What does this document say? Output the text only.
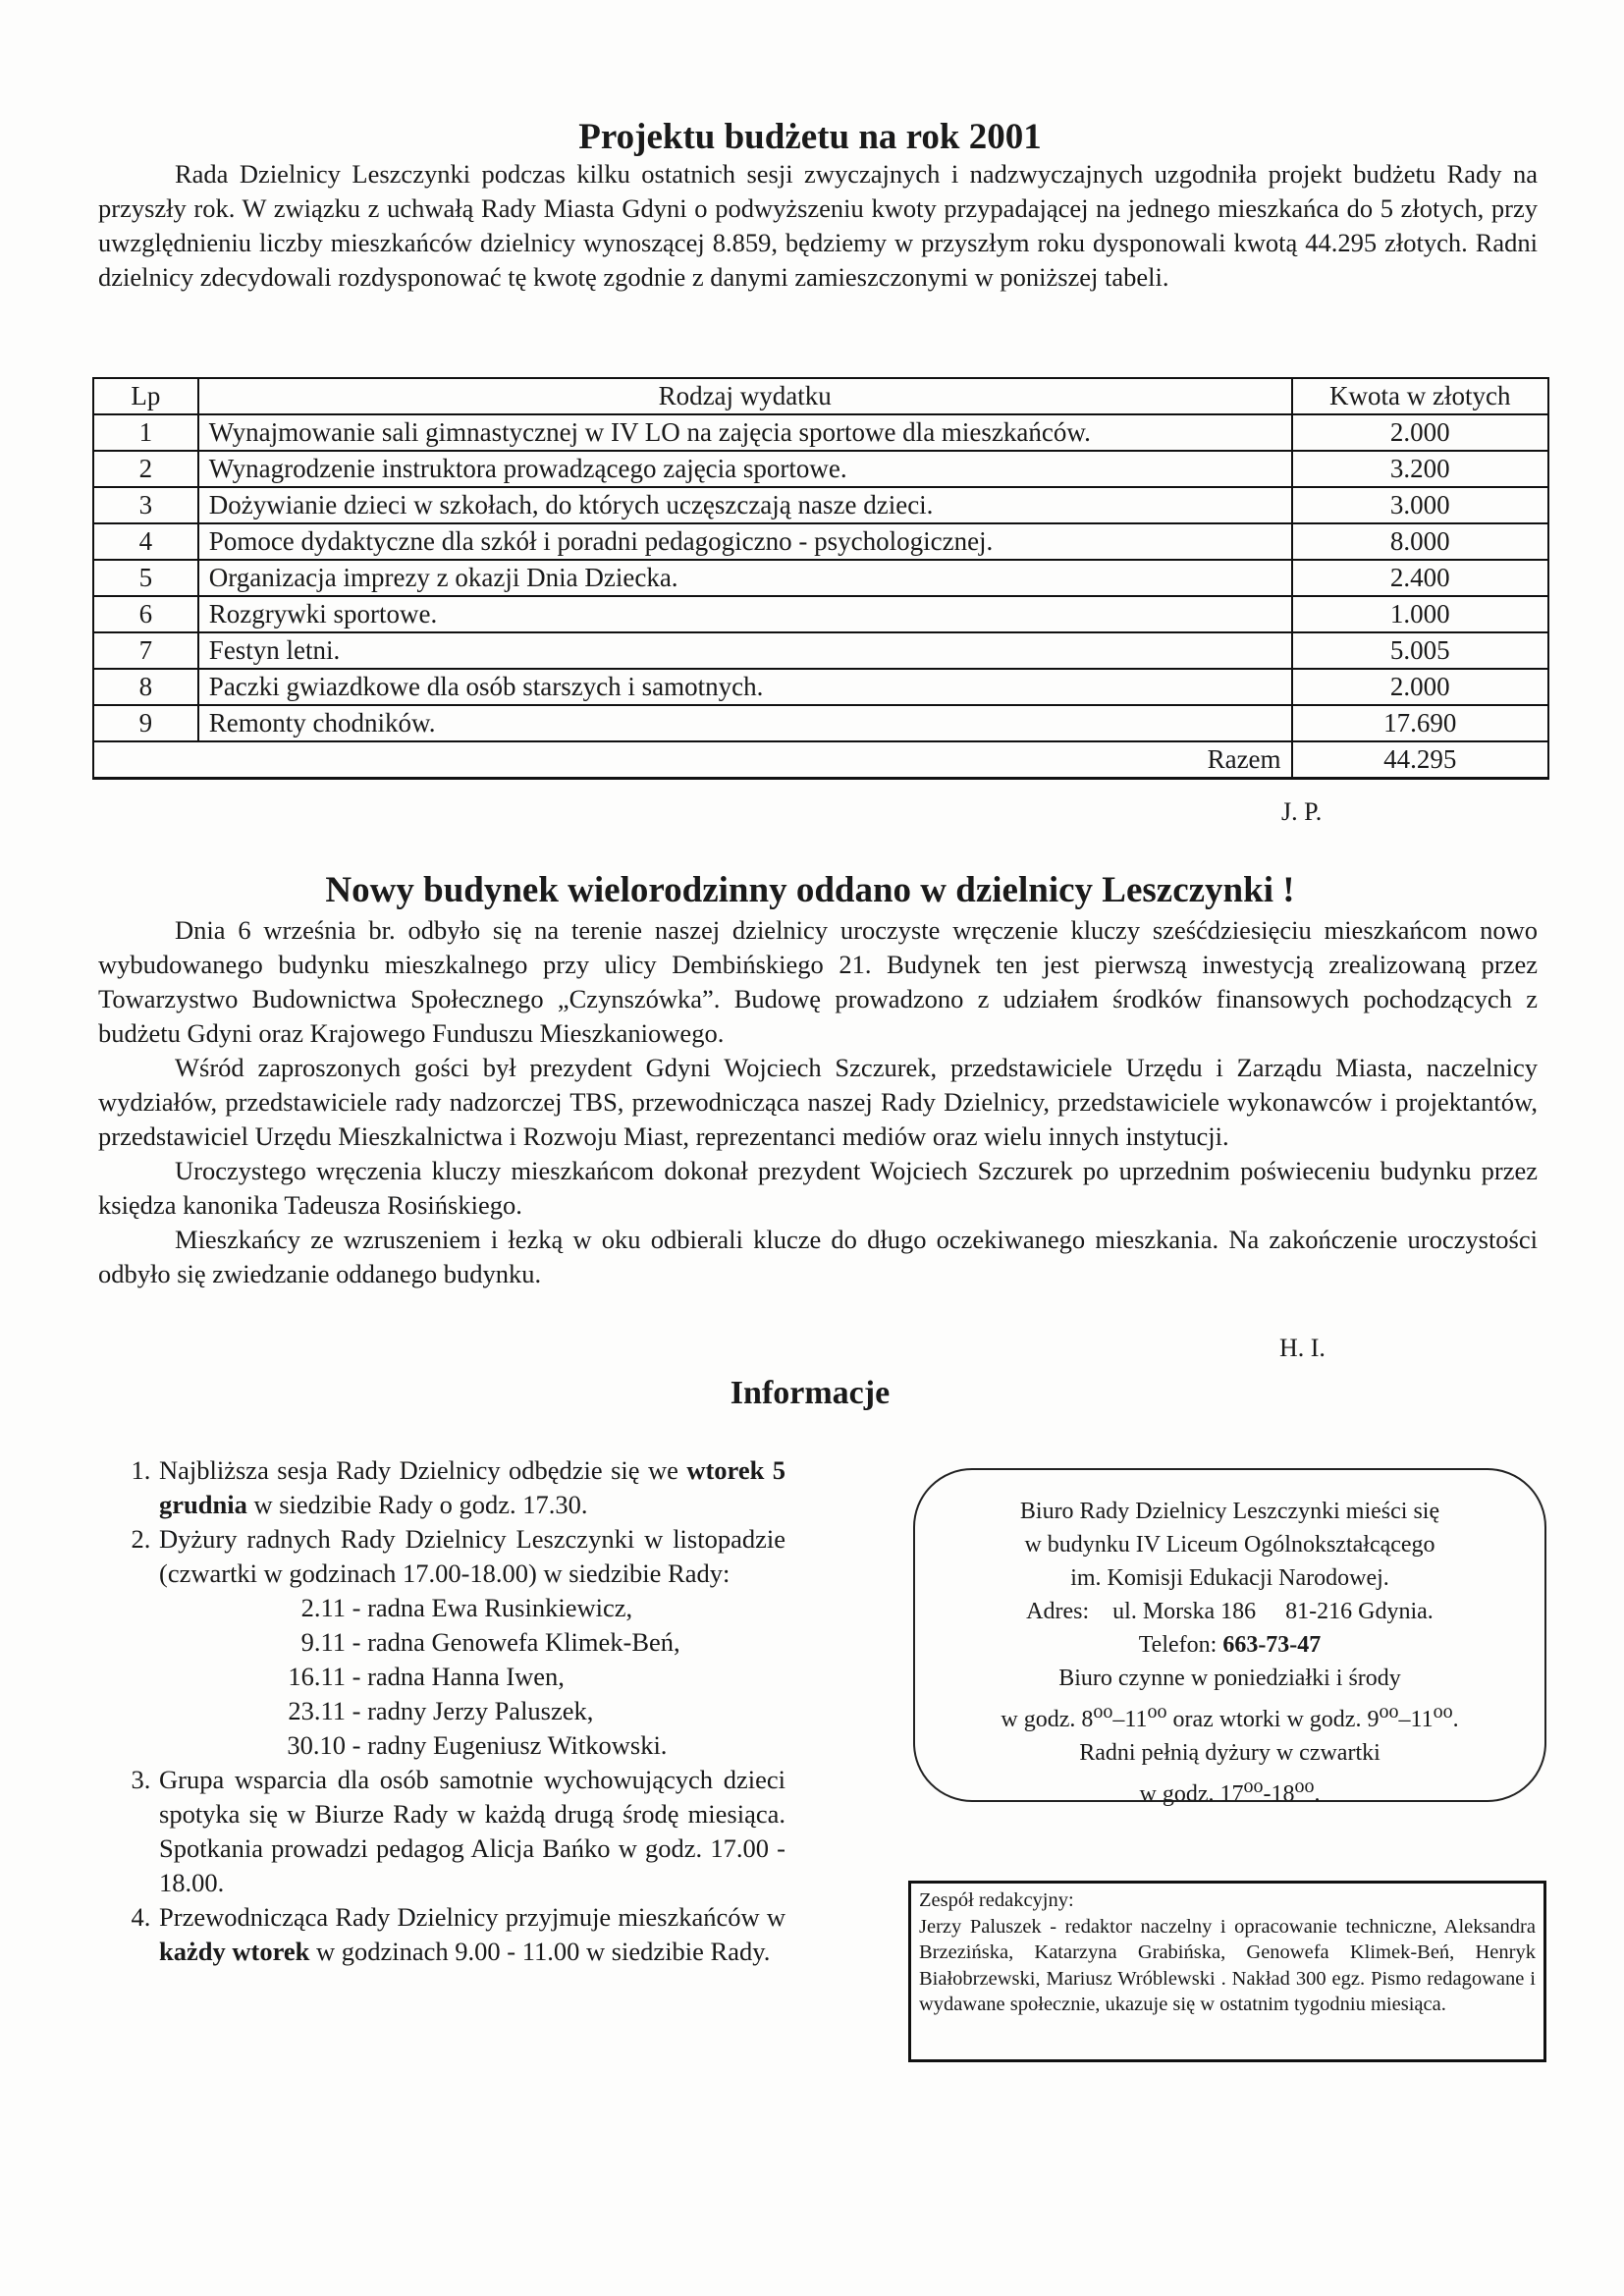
Projektu budżetu na rok 2001

Rada Dzielnicy Leszczynki podczas kilku ostatnich sesji zwyczajnych i nadzwyczajnych uzgodniła projekt budżetu Rady na przyszły rok. W związku z uchwałą Rady Miasta Gdyni o podwyższeniu kwoty przypadającej na jednego mieszkańca do 5 złotych, przy uwzględnieniu liczby mieszkańców dzielnicy wynoszącej 8.859, będziemy w przyszłym roku dysponowali kwotą 44.295 złotych. Radni dzielnicy zdecydowali rozdysponować tę kwotę zgodnie z danymi zamieszczonymi w poniższej tabeli.

Lp	Rodzaj wydatku	Kwota w złotych
1	Wynajmowanie sali gimnastycznej w IV LO na zajęcia sportowe dla mieszkańców.	2.000
2	Wynagrodzenie instruktora prowadzącego zajęcia sportowe.	3.200
3	Dożywianie dzieci w szkołach, do których uczęszczają nasze dzieci.	3.000
4	Pomoce dydaktyczne dla szkół i poradni pedagogiczno - psychologicznej.	8.000
5	Organizacja imprezy z okazji Dnia Dziecka.	2.400
6	Rozgrywki sportowe.	1.000
7	Festyn letni.	5.005
8	Paczki gwiazdkowe dla osób starszych i samotnych.	2.000
9	Remonty chodników.	17.690
Razem		44.295
J. P.
Nowy budynek wielorodzinny oddano w dzielnicy Leszczynki !

Dnia 6 września br. odbyło się na terenie naszej dzielnicy uroczyste wręczenie kluczy sześćdziesięciu mieszkańcom nowo wybudowanego budynku mieszkalnego przy ulicy Dembińskiego 21. Budynek ten jest pierwszą inwestycją zrealizowaną przez Towarzystwo Budownictwa Społecznego „Czynszówka”. Budowę prowadzono z udziałem środków finansowych pochodzących z budżetu Gdyni oraz Krajowego Funduszu Mieszkaniowego.

Wśród zaproszonych gości był prezydent Gdyni Wojciech Szczurek, przedstawiciele Urzędu i Zarządu Miasta, naczelnicy wydziałów, przedstawiciele rady nadzorczej TBS, przewodnicząca naszej Rady Dzielnicy, przedstawiciele wykonawców i projektantów, przedstawiciel Urzędu Mieszkalnictwa i Rozwoju Miast, reprezentanci mediów oraz wielu innych instytucji.

Uroczystego wręczenia kluczy mieszkańcom dokonał prezydent Wojciech Szczurek po uprzednim poświeceniu budynku przez księdza kanonika Tadeusza Rosińskiego.

Mieszkańcy ze wzruszeniem i łezką w oku odbierali klucze do długo oczekiwanego mieszkania. Na zakończenie uroczystości odbyło się zwiedzanie oddanego budynku.

H. I.
Informacje
1. Najbliższa sesja Rady Dzielnicy odbędzie się we wtorek 5 grudnia w siedzibie Rady o godz. 17.30.
2. Dyżury radnych Rady Dzielnicy Leszczynki w listopadzie (czwartki w godzinach 17.00-18.00) w siedzibie Rady:
2.11 - radna Ewa Rusinkiewicz,
9.11 - radna Genowefa Klimek-Beń,
16.11 - radna Hanna Iwen,
23.11 - radny Jerzy Paluszek,
30.10 - radny Eugeniusz Witkowski.
3. Grupa wsparcia dla osób samotnie wychowujących dzieci spotyka się w Biurze Rady w każdą drugą środę miesiąca. Spotkania prowadzi pedagog Alicja Bańko w godz. 17.00 - 18.00.
4. Przewodnicząca Rady Dzielnicy przyjmuje mieszkańców w każdy wtorek w godzinach 9.00 - 11.00 w siedzibie Rady.
Biuro Rady Dzielnicy Leszczynki mieści się
w budynku IV Liceum Ogólnokształcącego
im. Komisji Edukacji Narodowej.
Adres: ul. Morska 186 81-216 Gdynia.
Telefon: 663-73-47
Biuro czynne w poniedziałki i środy
w godz. $8^{oo}-11^{oo}$ oraz wtorki w godz. $9^{oo}-11^{oo}$.
Radni pełnią dyżury w czwartki
w godz. $17^{oo}-18^{oo}$.
Zespół redakcyjny:

Jerzy Paluszek - redaktor naczelny i opracowanie techniczne, Aleksandra Brzezińska, Katarzyna Grabińska, Genowefa Klimek-Beń, Henryk Białobrzewski, Mariusz Wróblewski . Nakład 300 egz. Pismo redagowane i wydawane społecznie, ukazuje się w ostatnim tygodniu miesiąca.
